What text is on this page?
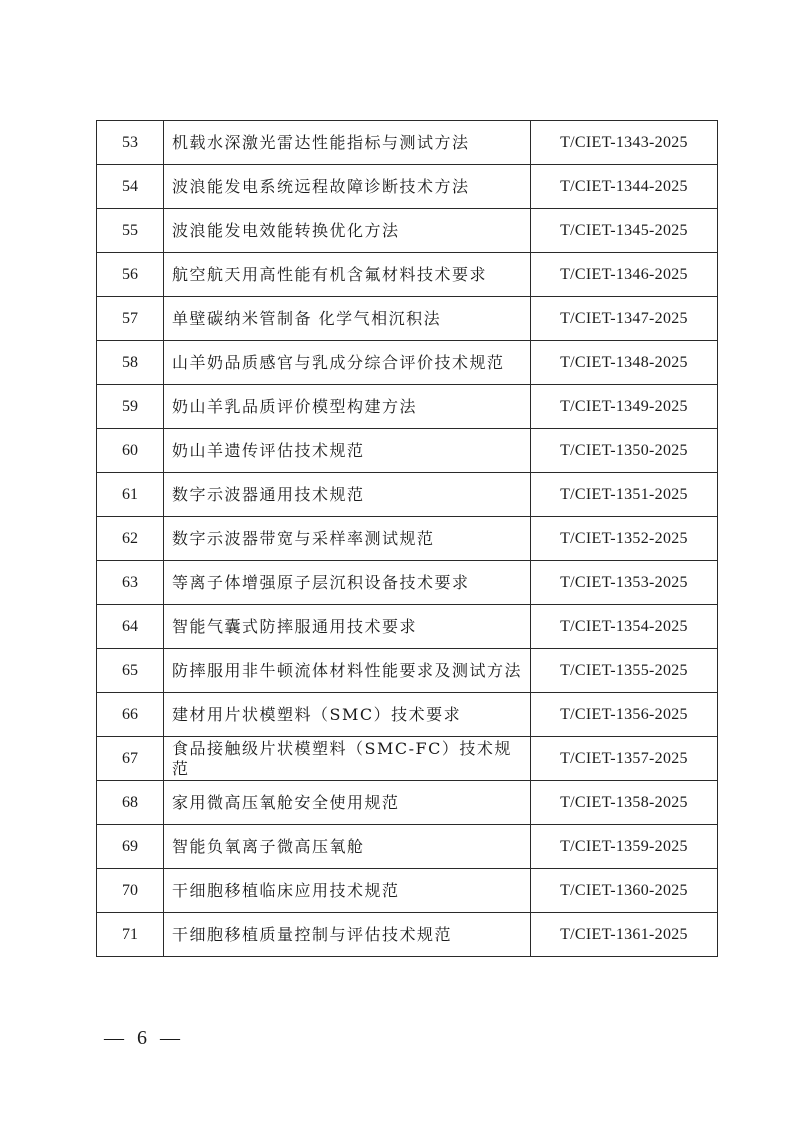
53	机载水深激光雷达性能指标与测试方法	T/CIET-1343-2025
54	波浪能发电系统远程故障诊断技术方法	T/CIET-1344-2025
55	波浪能发电效能转换优化方法	T/CIET-1345-2025
56	航空航天用高性能有机含氟材料技术要求	T/CIET-1346-2025
57	单壁碳纳米管制备 化学气相沉积法	T/CIET-1347-2025
58	山羊奶品质感官与乳成分综合评价技术规范	T/CIET-1348-2025
59	奶山羊乳品质评价模型构建方法	T/CIET-1349-2025
60	奶山羊遗传评估技术规范	T/CIET-1350-2025
61	数字示波器通用技术规范	T/CIET-1351-2025
62	数字示波器带宽与采样率测试规范	T/CIET-1352-2025
63	等离子体增强原子层沉积设备技术要求	T/CIET-1353-2025
64	智能气囊式防摔服通用技术要求	T/CIET-1354-2025
65	防摔服用非牛顿流体材料性能要求及测试方法	T/CIET-1355-2025
66	建材用片状模塑料（SMC）技术要求	T/CIET-1356-2025
67	食品接触级片状模塑料（SMC-FC）技术规范	T/CIET-1357-2025
68	家用微高压氧舱安全使用规范	T/CIET-1358-2025
69	智能负氧离子微高压氧舱	T/CIET-1359-2025
70	干细胞移植临床应用技术规范	T/CIET-1360-2025
71	干细胞移植质量控制与评估技术规范	T/CIET-1361-2025
— 6 —
